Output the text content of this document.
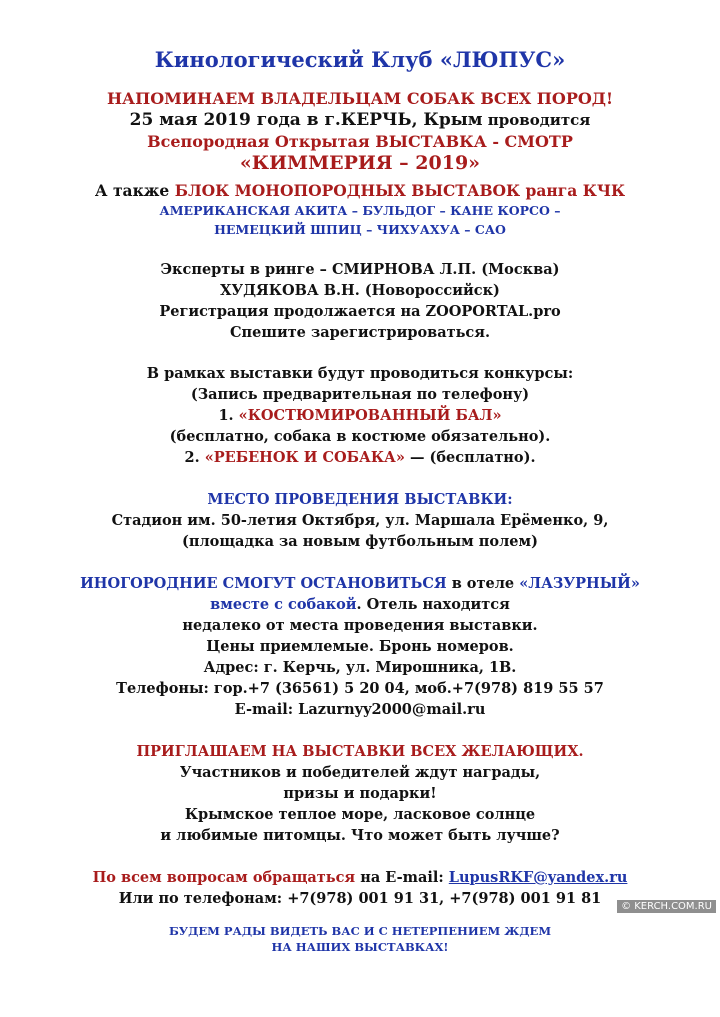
Кинологический Клуб «ЛЮПУС»
НАПОМИНАЕМ ВЛАДЕЛЬЦАМ СОБАК ВСЕХ ПОРОД!
25 мая 2019 года в г.КЕРЧЬ, Крым проводится
Всепородная Открытая ВЫСТАВКА - СМОТР
«КИММЕРИЯ – 2019»
А также БЛОК МОНОПОРОДНЫХ ВЫСТАВОК ранга КЧК
АМЕРИКАНСКАЯ АКИТА – БУЛЬДОГ – КАНЕ КОРСО –
НЕМЕЦКИЙ ШПИЦ – ЧИХУАХУА – САО
Эксперты в ринге – СМИРНОВА Л.П. (Москва)
ХУДЯКОВА В.Н. (Новороссийск)
Регистрация продолжается на ZOOPORTAL.pro
Спешите зарегистрироваться.
В рамках выставки будут проводиться конкурсы:
(Запись предварительная по телефону)
1. «КОСТЮМИРОВАННЫЙ БАЛ»
(бесплатно, собака в костюме обязательно).
2. «РЕБЕНОК И СОБАКА» — (бесплатно).
МЕСТО ПРОВЕДЕНИЯ ВЫСТАВКИ:
Стадион им. 50-летия Октября, ул. Маршала Ерёменко, 9,
(площадка за новым футбольным полем)
ИНОГОРОДНИЕ СМОГУТ ОСТАНОВИТЬСЯ в отеле «ЛАЗУРНЫЙ»
вместе с собакой. Отель находится
недалеко от места проведения выставки.
Цены приемлемые. Бронь номеров.
Адрес: г. Керчь, ул. Мирошника, 1В.
Телефоны: гор.+7 (36561) 5 20 04, моб.+7(978) 819 55 57
E-mail: Lazurnyy2000@mail.ru
ПРИГЛАШАЕМ НА ВЫСТАВКИ ВСЕХ ЖЕЛАЮЩИХ.
Участников и победителей ждут награды,
призы и подарки!
Крымское теплое море, ласковое солнце
и любимые питомцы. Что может быть лучше?
По всем вопросам обращаться на E-mail: LupusRKF@yandex.ru
Или по телефонам: +7(978) 001 91 31, +7(978) 001 91 81
БУДЕМ РАДЫ ВИДЕТЬ ВАС И С НЕТЕРПЕНИЕМ ЖДЕМ
НА НАШИХ ВЫСТАВКАХ!
© KERCH.COM.RU
